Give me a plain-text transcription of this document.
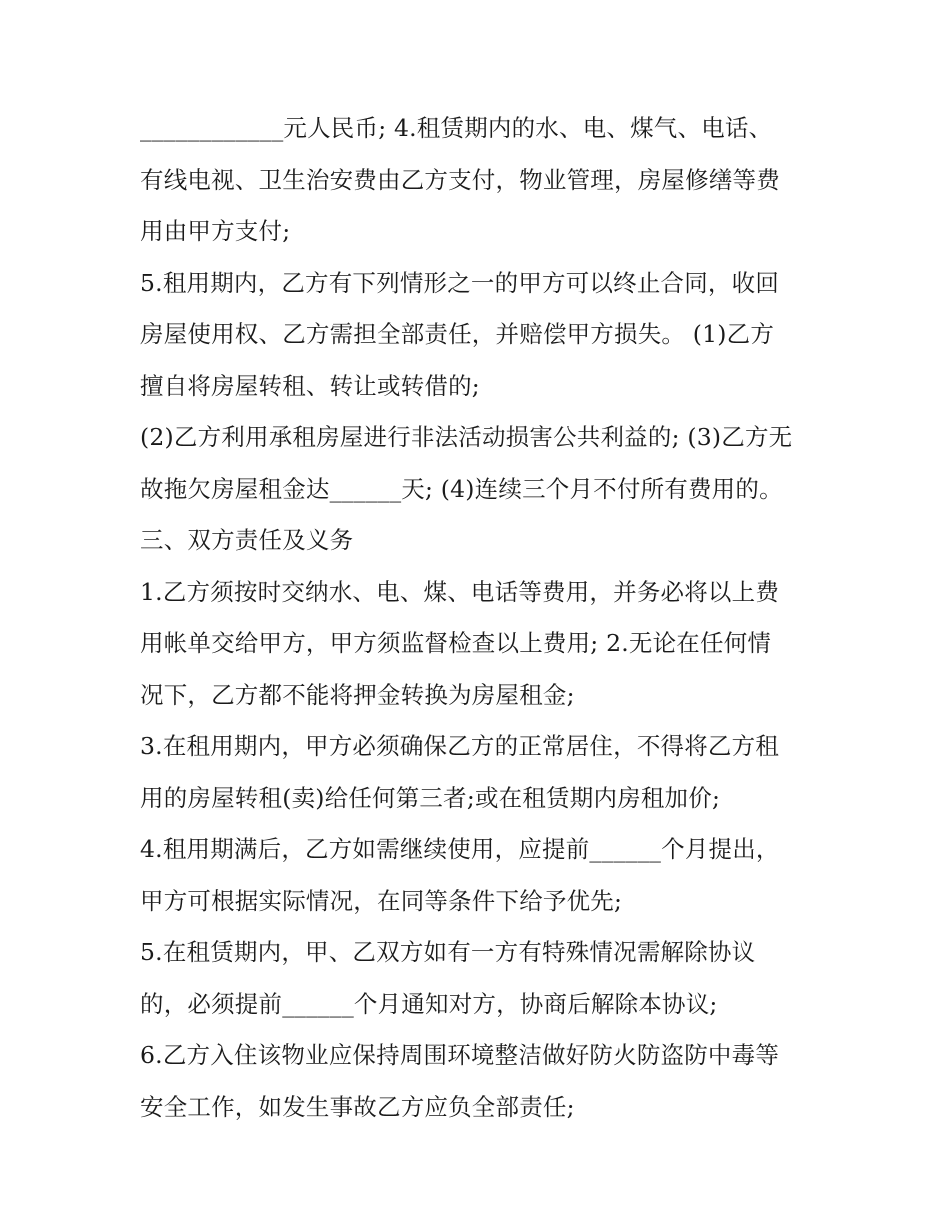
____________元人民币; 4.租赁期内的水、电、煤气、电话、
有线电视、卫生治安费由乙方支付，物业管理，房屋修缮等费
用由甲方支付;
5.租用期内，乙方有下列情形之一的甲方可以终止合同，收回
房屋使用权、乙方需担全部责任，并赔偿甲方损失。 (1)乙方
擅自将房屋转租、转让或转借的;
(2)乙方利用承租房屋进行非法活动损害公共利益的; (3)乙方无
故拖欠房屋租金达______天; (4)连续三个月不付所有费用的。
三、双方责任及义务
1.乙方须按时交纳水、电、煤、电话等费用，并务必将以上费
用帐单交给甲方，甲方须监督检查以上费用; 2.无论在任何情
况下，乙方都不能将押金转换为房屋租金;
3.在租用期内，甲方必须确保乙方的正常居住，不得将乙方租
用的房屋转租(卖)给任何第三者;或在租赁期内房租加价;
4.租用期满后，乙方如需继续使用，应提前______个月提出，
甲方可根据实际情况，在同等条件下给予优先;
5.在租赁期内，甲、乙双方如有一方有特殊情况需解除协议
的，必须提前______个月通知对方，协商后解除本协议;
6.乙方入住该物业应保持周围环境整洁做好防火防盗防中毒等
安全工作，如发生事故乙方应负全部责任;
